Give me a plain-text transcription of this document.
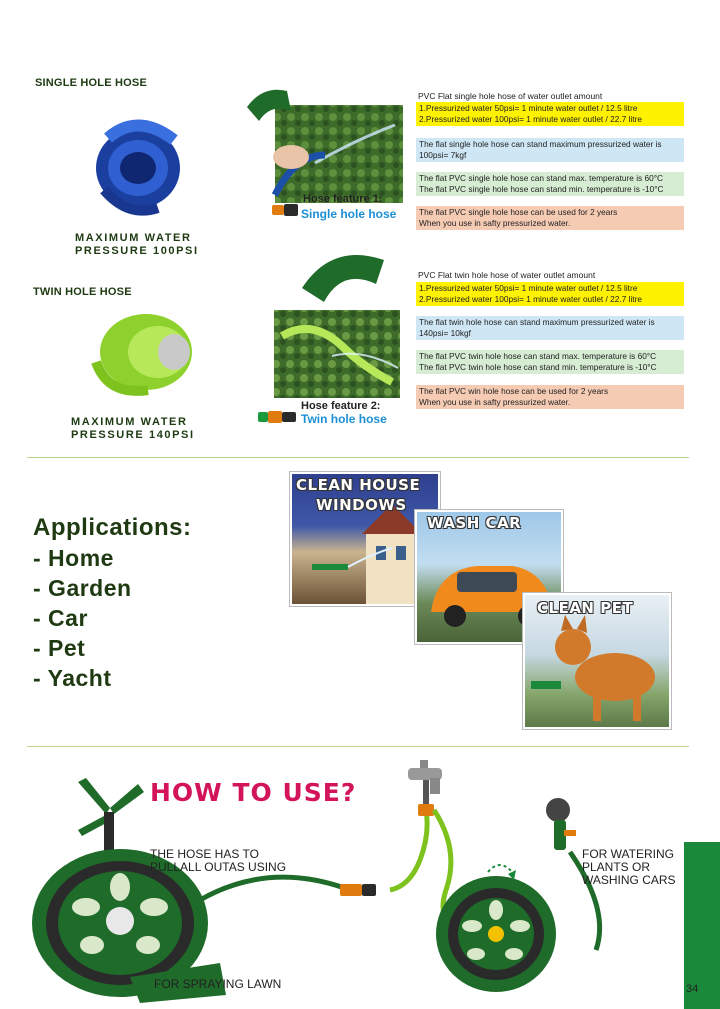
SINGLE HOLE HOSE
MAXIMUM WATER
PRESSURE 100PSI
Hose feature 1:
Single hole hose
PVC Flat single hole hose of water outlet amount
1.Pressurized water 50psi= 1 minute water outlet / 12.5 litre
2.Pressurized water 100psi= 1 minute water outlet / 22.7 litre
The flat single hole hose can stand maximum pressurized water is
100psi= 7kgf
The flat PVC single hole hose can stand max. temperature is 60°C
The flat PVC single hole hose can stand min. temperature is -10°C
The flat PVC single hole hose can be used for 2 years
When you use in safty pressurized water.
TWIN HOLE HOSE
MAXIMUM WATER
PRESSURE 140PSI
Hose feature 2:
Twin hole hose
PVC Flat twin hole hose of water outlet amount
1.Pressurized water 50psi= 1 minute water outlet / 12.5 litre
2.Pressurized water 100psi= 1 minute water outlet / 22.7 litre
The flat twin hole hose can stand maximum pressurized water is
140psi= 10kgf
The flat PVC twin hole hose can stand max. temperature is 60°C
The flat PVC twin hole hose can stand min. temperature is -10°C
The flat PVC win hole hose can be used for 2 years
When you use in safty pressurized water.
Applications:
- Home
- Garden
- Car
- Pet
- Yacht
CLEAN HOUSE
WINDOWS
WASH CAR
CLEAN PET
HOW TO USE?
THE HOSE HAS TO
PULLALL OUTAS USING
FOR WATERING
PLANTS OR
WASHING CARS
FOR SPRAYING LAWN	34
